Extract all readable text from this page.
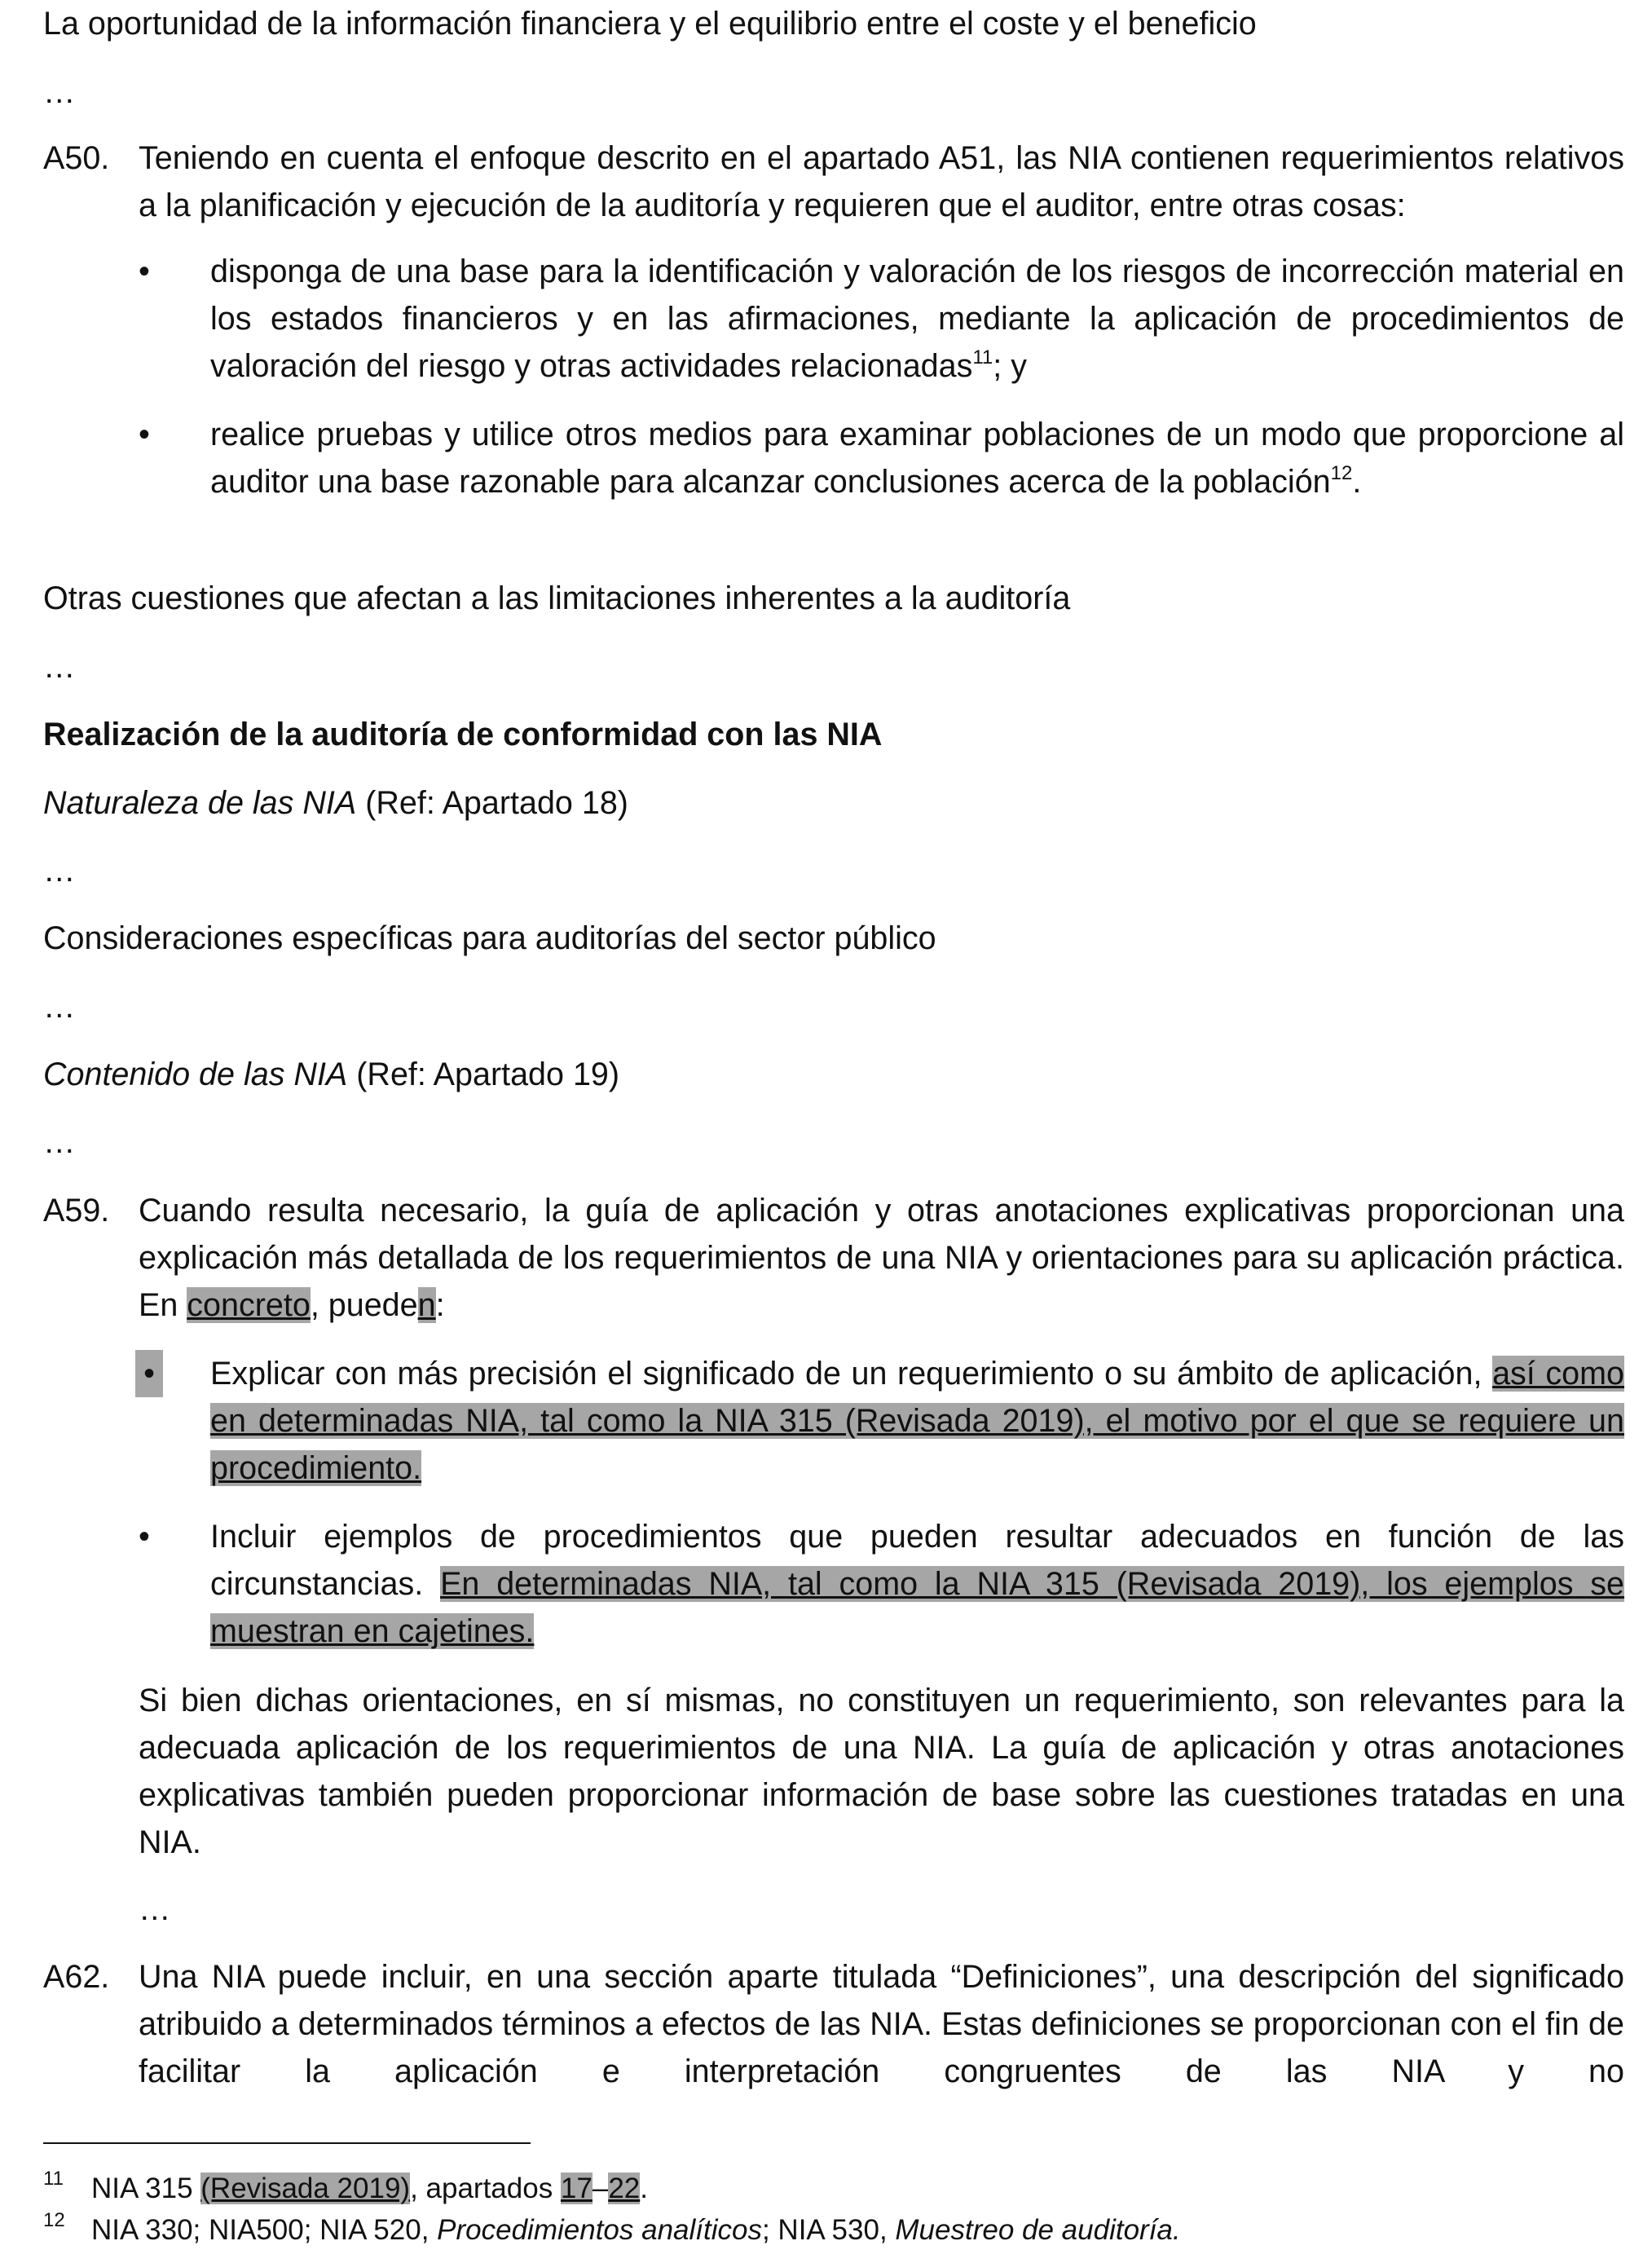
La oportunidad de la información financiera y el equilibrio entre el coste y el beneficio

…

A50. Teniendo en cuenta el enfoque descrito en el apartado A51, las NIA contienen requerimientos relativos a la planificación y ejecución de la auditoría y requieren que el auditor, entre otras cosas:

•	disponga de una base para la identificación y valoración de los riesgos de incorrección material en los estados financieros y en las afirmaciones, mediante la aplicación de procedimientos de valoración del riesgo y otras actividades relacionadas$^{11}$; y

•	realice pruebas y utilice otros medios para examinar poblaciones de un modo que proporcione al auditor una base razonable para alcanzar conclusiones acerca de la población$^{12}$.

Otras cuestiones que afectan a las limitaciones inherentes a la auditoría

…

Realización de la auditoría de conformidad con las NIA

Naturaleza de las NIA (Ref: Apartado 18)

…

Consideraciones específicas para auditorías del sector público

…

Contenido de las NIA (Ref: Apartado 19)

…

A59. Cuando resulta necesario, la guía de aplicación y otras anotaciones explicativas proporcionan una explicación más detallada de los requerimientos de una NIA y orientaciones para su aplicación práctica. En concreto, pueden:

• Explicar con más precisión el significado de un requerimiento o su ámbito de aplicación, así como en determinadas NIA, tal como la NIA 315 (Revisada 2019), el motivo por el que se requiere un procedimiento.

•	Incluir ejemplos de procedimientos que pueden resultar adecuados en función de las circunstancias. En determinadas NIA, tal como la NIA 315 (Revisada 2019), los ejemplos se muestran en cajetines.

Si bien dichas orientaciones, en sí mismas, no constituyen un requerimiento, son relevantes para la adecuada aplicación de los requerimientos de una NIA. La guía de aplicación y otras anotaciones explicativas también pueden proporcionar información de base sobre las cuestiones tratadas en una NIA.

…

A62. Una NIA puede incluir, en una sección aparte titulada “Definiciones”, una descripción del significado atribuido a determinados términos a efectos de las NIA. Estas definiciones se proporcionan con el fin de facilitar la aplicación e interpretación congruentes de las NIA y no

11 NIA 315 (Revisada 2019), apartados 17–22.

12 NIA 330; NIA500; NIA 520, Procedimientos analíticos; NIA 530, Muestreo de auditoría.
